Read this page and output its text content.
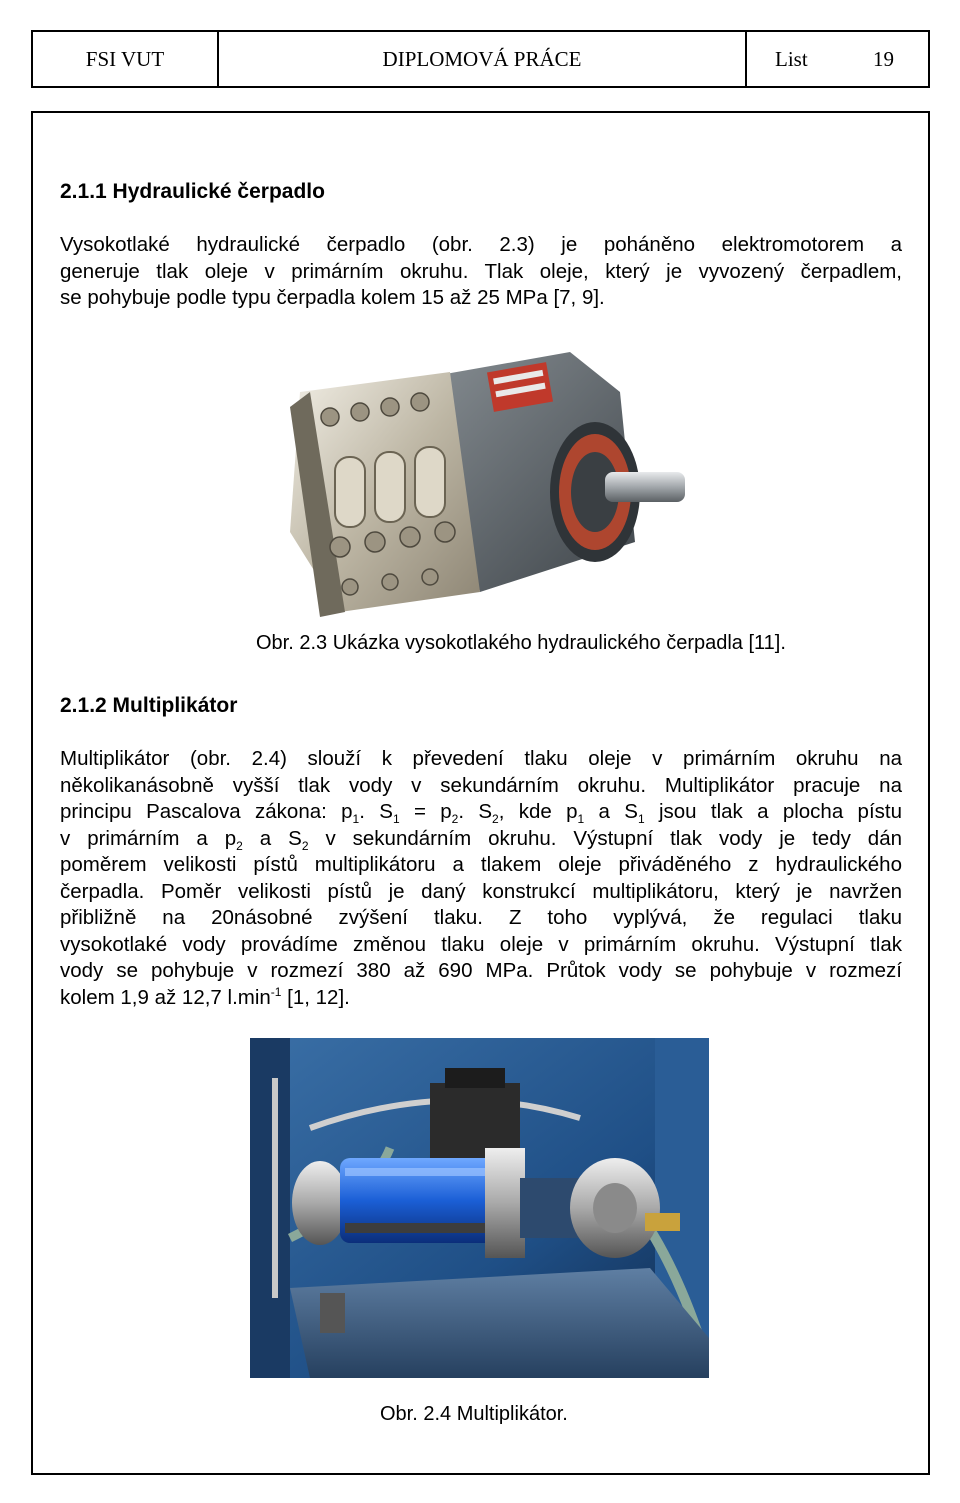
FSI VUT	DIPLOMOVÁ PRÁCE	List	19
2.1.1 Hydraulické čerpadlo
Vysokotlaké hydraulické čerpadlo (obr. 2.3) je poháněno elektromotorem a
generuje tlak oleje v primárním okruhu. Tlak oleje, který je vyvozený čerpadlem,
se pohybuje podle typu čerpadla kolem 15 až 25 MPa [7, 9].
Obr. 2.3 Ukázka vysokotlakého hydraulického čerpadla [11].
2.1.2 Multiplikátor
Multiplikátor (obr. 2.4) slouží k převedení tlaku oleje v primárním okruhu na
několikanásobně vyšší tlak vody v sekundárním okruhu. Multiplikátor pracuje na
principu Pascalova zákona: $p_1$. $S_1 = p_2$. $S_2$, kde $p_1$ a $S_1$ jsou tlak a plocha pístu
v primárním a $p_2$ a $S_2$ v sekundárním okruhu. Výstupní tlak vody je tedy dán
poměrem velikosti pístů multiplikátoru a tlakem oleje přiváděného z hydraulického
čerpadla. Poměr velikosti pístů je daný konstrukcí multiplikátoru, který je navržen
přibližně na 20násobné zvýšení tlaku. Z toho vyplývá, že regulaci tlaku
vysokotlaké vody provádíme změnou tlaku oleje v primárním okruhu. Výstupní tlak
vody se pohybuje v rozmezí 380 až 690 MPa. Průtok vody se pohybuje v rozmezí
kolem 1,9 až 12,7 $l.\min^{-1}$ [1, 12].
Obr. 2.4 Multiplikátor.
